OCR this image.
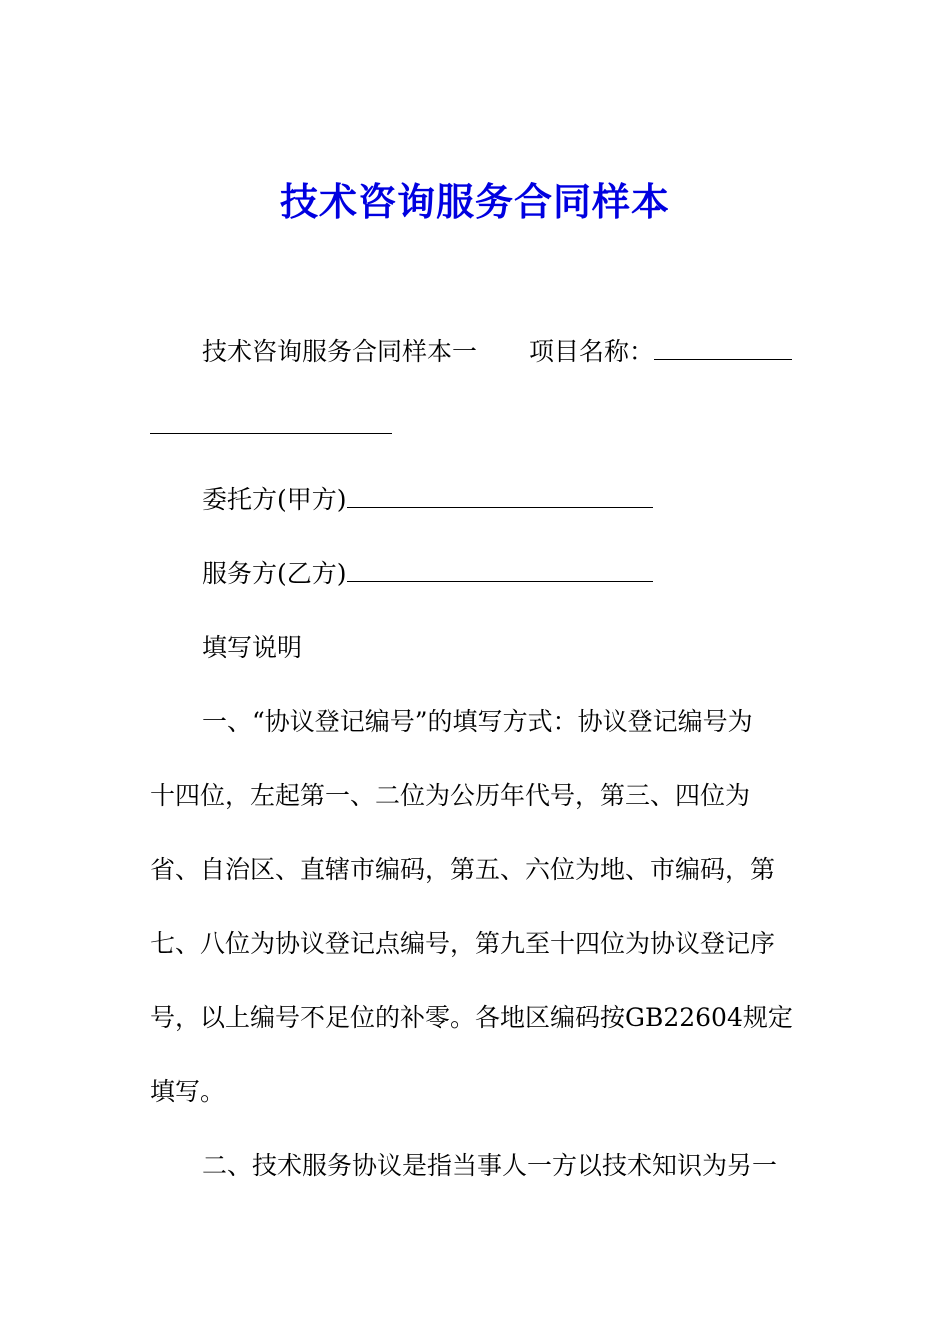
技术咨询服务合同样本
技术咨询服务合同样本一 项目名称：
委托方(甲方)
服务方(乙方)
填写说明
一、“协议登记编号”的填写方式：协议登记编号为
十四位，左起第一、二位为公历年代号，第三、四位为
省、自治区、直辖市编码，第五、六位为地、市编码，第
七、八位为协议登记点编号，第九至十四位为协议登记序
号，以上编号不足位的补零。各地区编码按GB22604规定
填写。
二、技术服务协议是指当事人一方以技术知识为另一
